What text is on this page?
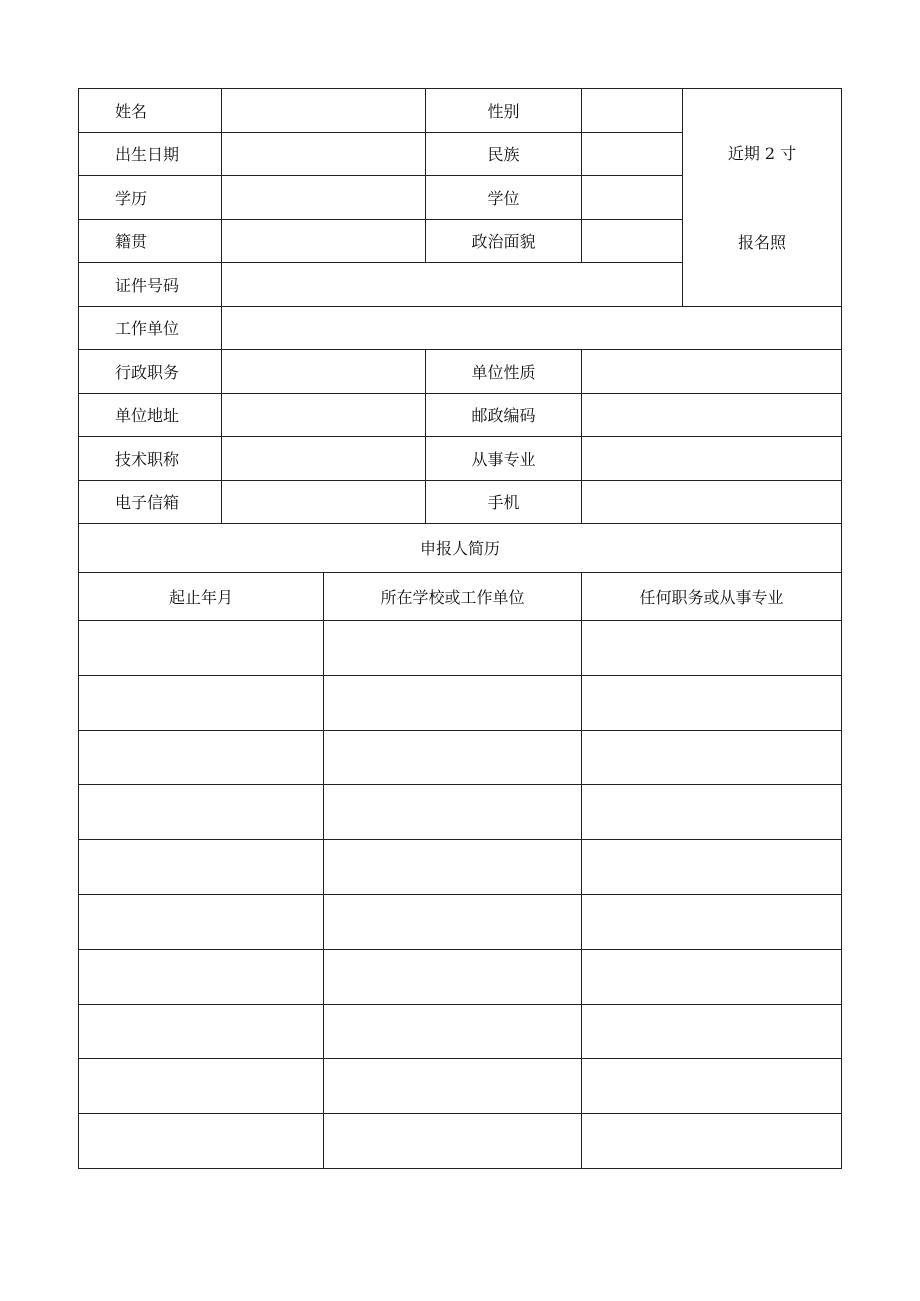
姓名			性别		近期 2 寸
报名照

出生日期			民族		
学历			学位		
籍贯			政治面貌		
证件号码					
工作单位					
行政职务			单位性质		
单位地址			邮政编码		
技术职称			从事专业		
电子信箱			手机		
申报人简历					
起止年月		所在学校或工作单位		任何职务或从事专业	
